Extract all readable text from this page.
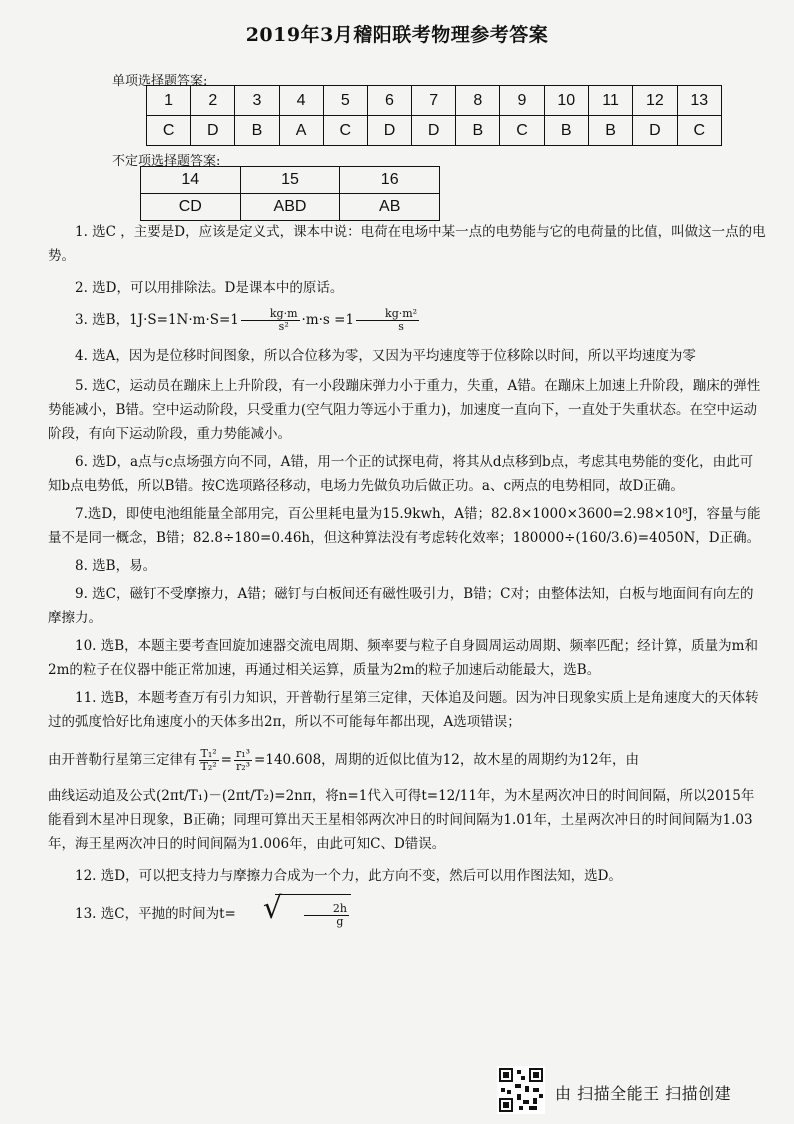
2019年3月稽阳联考物理参考答案
单项选择题答案:
1	2	3	4	5	6	7	8	9	10	11	12	13
C	D	B	A	C	D	D	B	C	B	B	D	C
不定项选择题答案:
14	15	16
CD	ABD	AB

1. 选C ，主要是D，应该是定义式，课本中说：电荷在电场中某一点的电势能与它的电荷量的比值，叫做这一点的电势。

2. 选D，可以用排除法。D是课本中的原话。

3. 选B，$1J\cdot S=1N\cdot m\cdot S=1 \frac{kg\cdot m}{\text{s²}} \cdot m\cdot s =1 \frac{\text{kg·m²}}{s}$

4. 选A，因为是位移时间图象，所以合位移为零，又因为平均速度等于位移除以时间，所以平均速度为零

5. 选C，运动员在蹦床上上升阶段，有一小段蹦床弹力小于重力，失重，A错。在蹦床上加速上升阶段，蹦床的弹性势能减小，B错。空中运动阶段，只受重力(空气阻力等远小于重力)，加速度一直向下，一直处于失重状态。在空中运动阶段，有向下运动阶段，重力势能减小。

6. 选D，a点与c点场强方向不同，A错，用一个正的试探电荷，将其从d点移到b点，考虑其电势能的变化，由此可知b点电势低，所以B错。按C选项路径移动，电场力先做负功后做正功。a、c两点的电势相同，故D正确。

7.选D，即使电池组能量全部用完，百公里耗电量为15.9kwh，A错；82.8×1000×3600=2.98×10⁸J，容量与能量不是同一概念，B错；82.8÷180=0.46h，但这种算法没有考虑转化效率；180000÷(160/3.6)=4050N，D正确。

8. 选B，易。

9. 选C，磁钉不受摩擦力，A错；磁钉与白板间还有磁性吸引力，B错；C对；由整体法知，白板与地面间有向左的摩擦力。

10. 选B，本题主要考查回旋加速器交流电周期、频率要与粒子自身圆周运动周期、频率匹配；经计算，质量为m和2m的粒子在仪器中能正常加速，再通过相关运算，质量为2m的粒子加速后动能最大，选B。

11. 选B，本题考查万有引力知识，开普勒行星第三定律，天体追及问题。因为冲日现象实质上是角速度大的天体转过的弧度恰好比角速度小的天体多出2π，所以不可能每年都出现，A选项错误；

由开普勒行星第三定律有 $\frac{\text{T₁²}}{\text{T₂²}} = \frac{\text{r₁³}}{\text{r₂³}} =140.608$，周期的近似比值为12，故木星的周期约为12年，由

曲线运动追及公式(2πt/T₁)－(2πt/T₂)=2nπ，将n=1代入可得t=12/11年，为木星两次冲日的时间间隔，所以2015年能看到木星冲日现象，B正确；同理可算出天王星相邻两次冲日的时间间隔为1.01年，土星两次冲日的时间间隔为1.03年，海王星两次冲日的时间间隔为1.006年，由此可知C、D错误。

12. 选D，可以把支持力与摩擦力合成为一个力，此方向不变，然后可以用作图法知，选D。

13. 选C，平抛的时间为t= √ $\frac{2h}{g}$

由 扫描全能王 扫描创建
